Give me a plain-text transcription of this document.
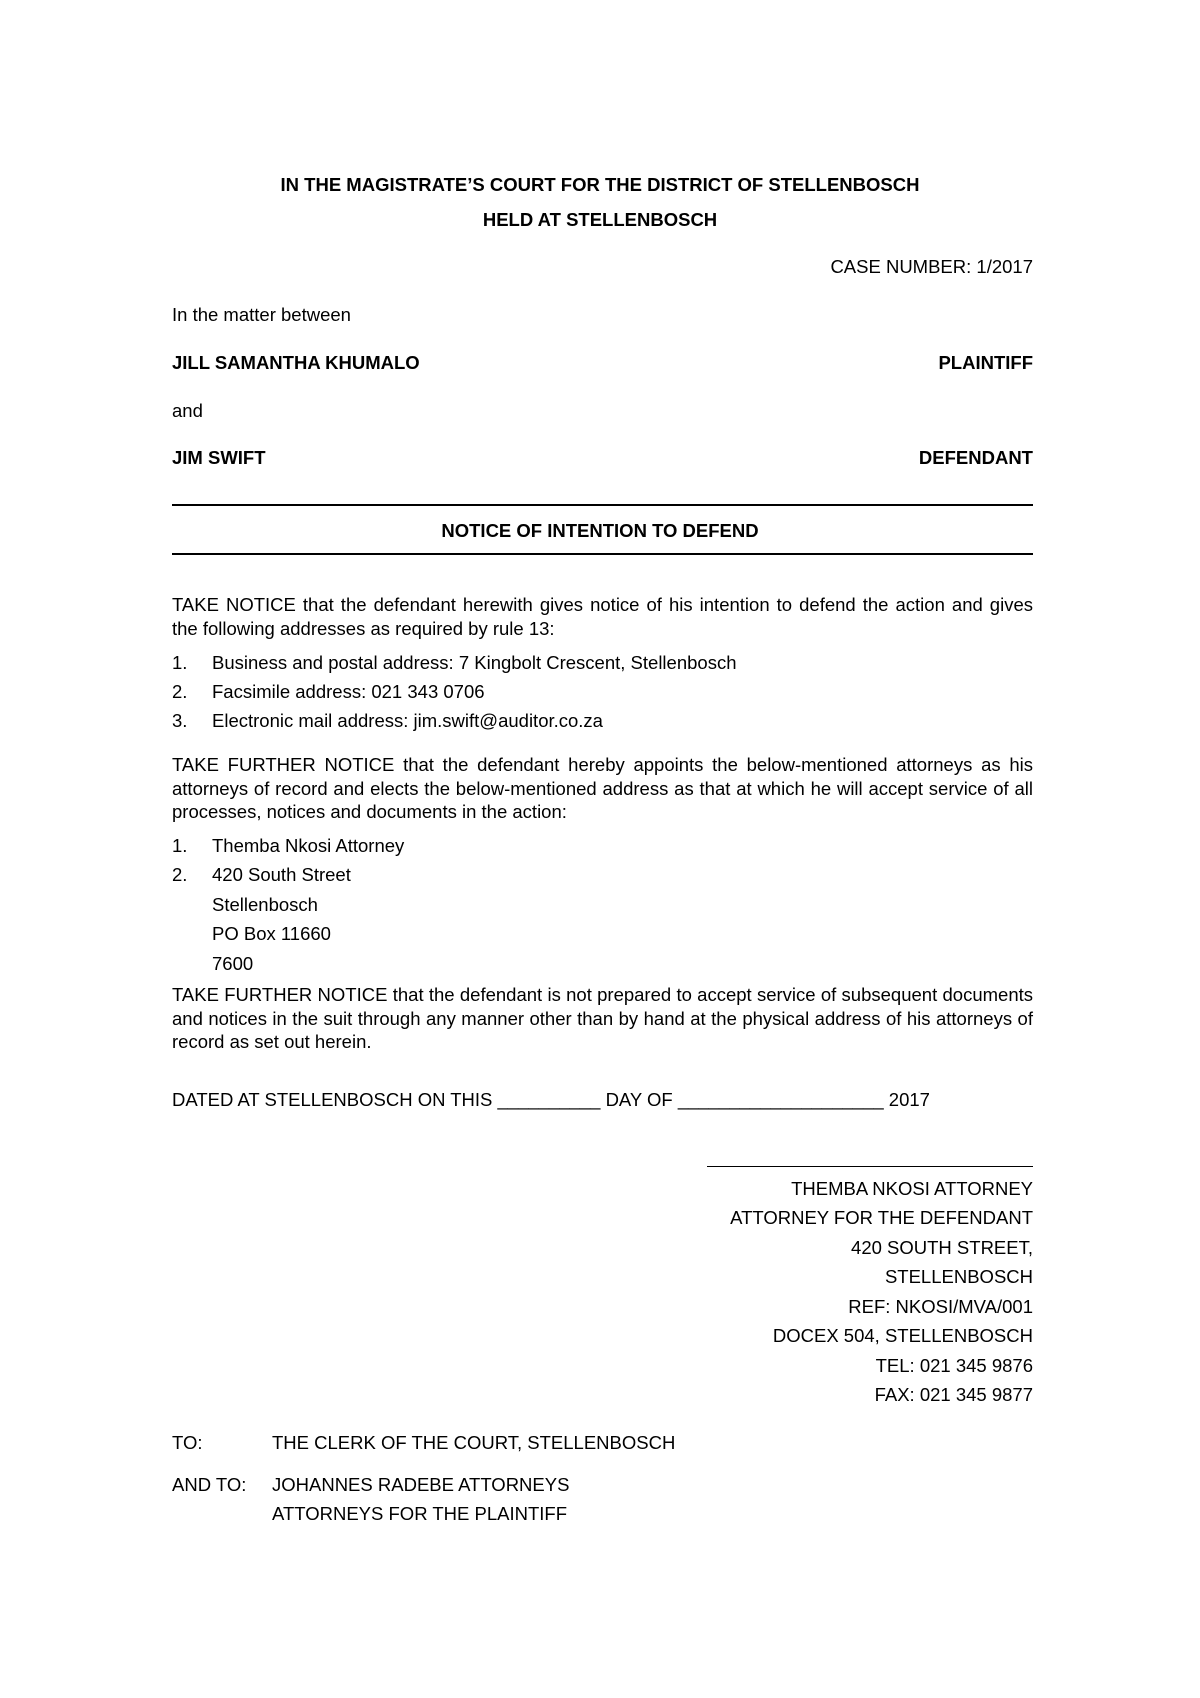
IN THE MAGISTRATE’S COURT FOR THE DISTRICT OF STELLENBOSCH
HELD AT STELLENBOSCH
CASE NUMBER: 1/2017
In the matter between
JILL SAMANTHA KHUMALO	PLAINTIFF
and
JIM SWIFT	DEFENDANT
NOTICE OF INTENTION TO DEFEND
TAKE NOTICE that the defendant herewith gives notice of his intention to defend the action and gives the following addresses as required by rule 13:
1. Business and postal address: 7 Kingbolt Crescent, Stellenbosch
2. Facsimile address: 021 343 0706
3. Electronic mail address: jim.swift@auditor.co.za
TAKE FURTHER NOTICE that the defendant hereby appoints the below-mentioned attorneys as his attorneys of record and elects the below-mentioned address as that at which he will accept service of all processes, notices and documents in the action:
1. Themba Nkosi Attorney
2. 420 South Street
Stellenbosch
PO Box 11660
7600
TAKE FURTHER NOTICE that the defendant is not prepared to accept service of subsequent documents and notices in the suit through any manner other than by hand at the physical address of his attorneys of record as set out herein.
DATED AT STELLENBOSCH ON THIS __________ DAY OF ____________________ 2017
THEMBA NKOSI ATTORNEY
ATTORNEY FOR THE DEFENDANT
420 SOUTH STREET,
STELLENBOSCH
REF: NKOSI/MVA/001
DOCEX 504, STELLENBOSCH
TEL: 021 345 9876
FAX: 021 345 9877
TO:	THE CLERK OF THE COURT, STELLENBOSCH
AND TO: JOHANNES RADEBE ATTORNEYS
ATTORNEYS FOR THE PLAINTIFF
